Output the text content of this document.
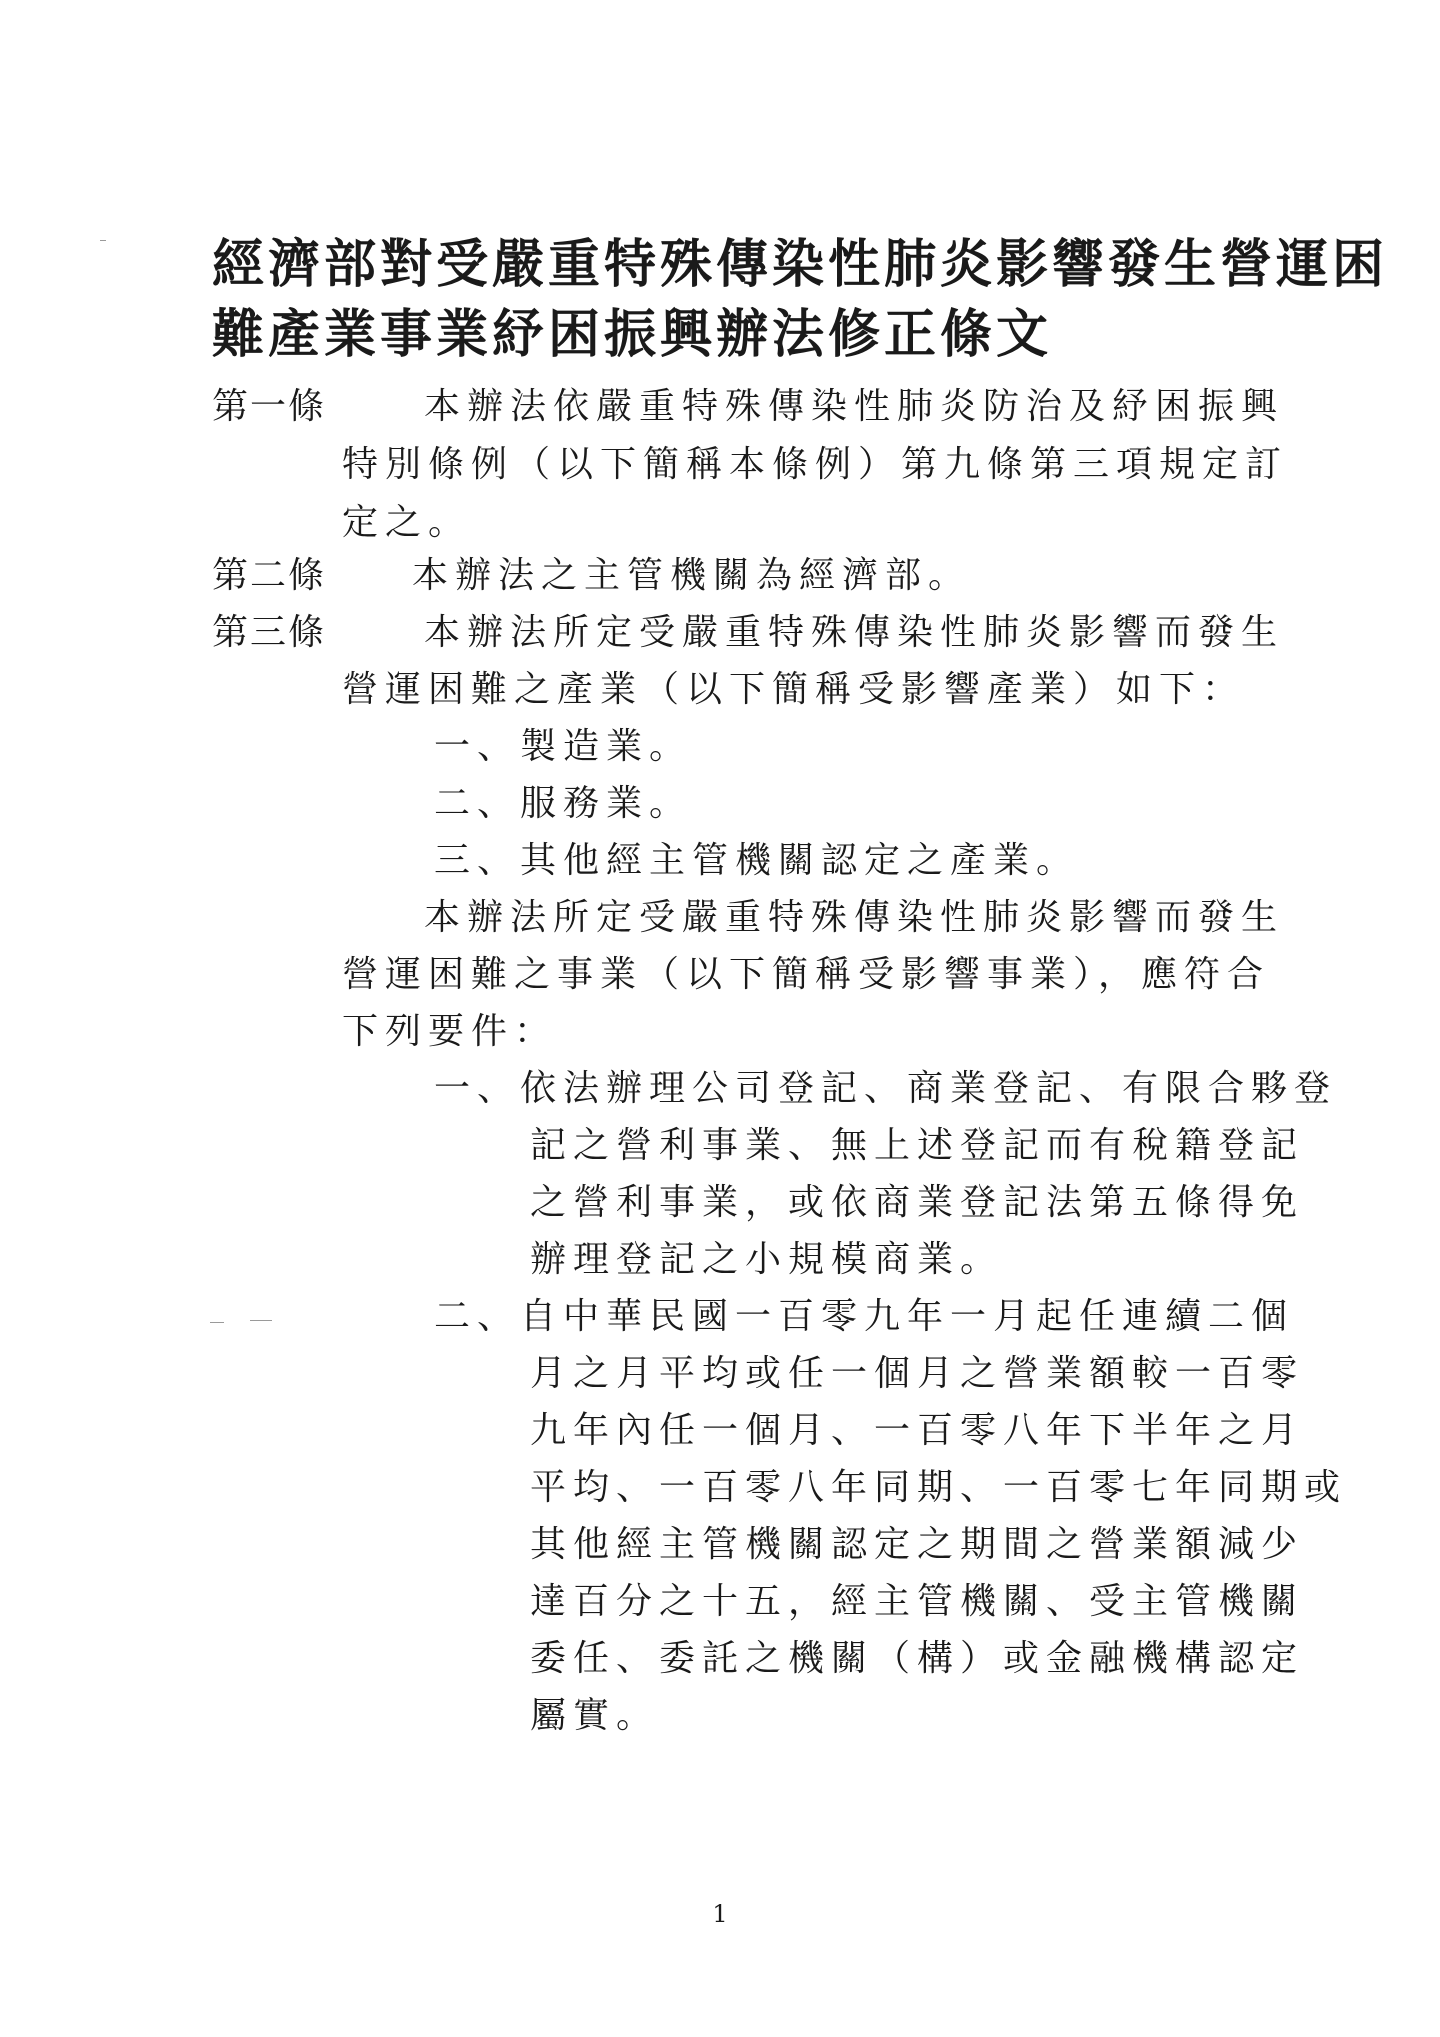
經濟部對受嚴重特殊傳染性肺炎影響發生營運困
難產業事業紓困振興辦法修正條文
第一條	本辦法依嚴重特殊傳染性肺炎防治及紓困振興
特別條例（以下簡稱本條例）第九條第三項規定訂
定之。
第二條 本辦法之主管機關為經濟部。
第三條	本辦法所定受嚴重特殊傳染性肺炎影響而發生
營運困難之產業（以下簡稱受影響產業）如下：
一、製造業。
二、服務業。
三、其他經主管機關認定之產業。
本辦法所定受嚴重特殊傳染性肺炎影響而發生
營運困難之事業（以下簡稱受影響事業），應符合
下列要件：
一、依法辦理公司登記、商業登記、有限合夥登
記之營利事業、無上述登記而有稅籍登記
之營利事業，或依商業登記法第五條得免
辦理登記之小規模商業。
二、自中華民國一百零九年一月起任連續二個
月之月平均或任一個月之營業額較一百零
九年內任一個月、一百零八年下半年之月
平均、一百零八年同期、一百零七年同期或
其他經主管機關認定之期間之營業額減少
達百分之十五，經主管機關、受主管機關
委任、委託之機關（構）或金融機構認定
屬實。
1
